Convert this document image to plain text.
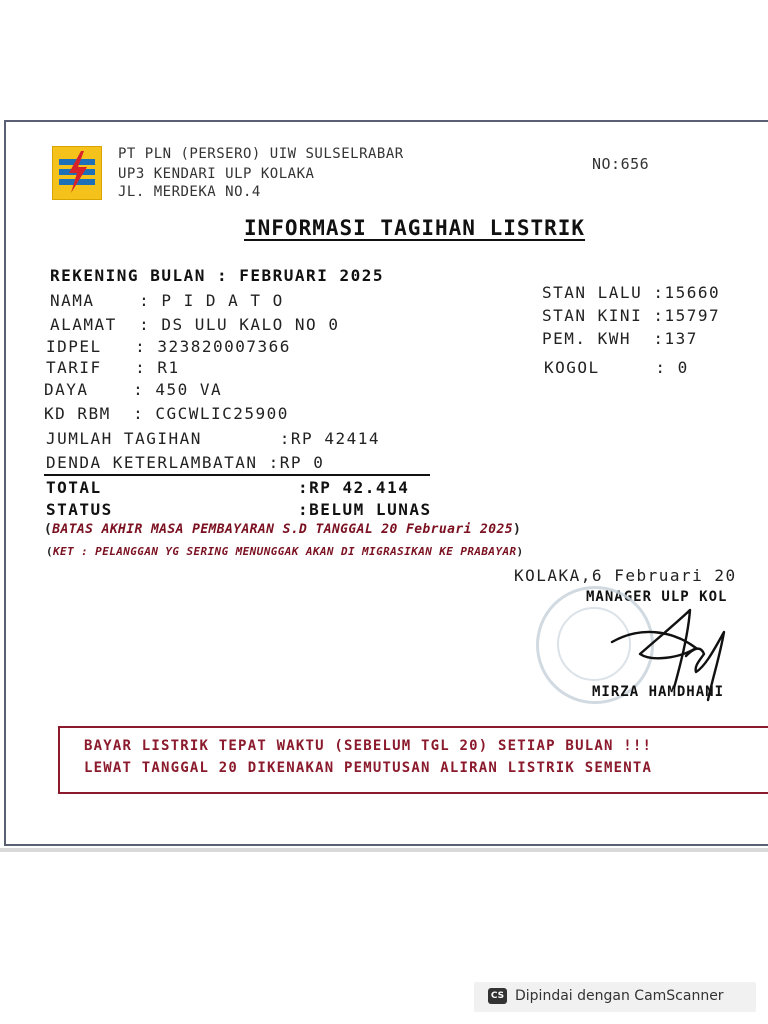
PT PLN (PERSERO) UIW SULSELRABAR
UP3 KENDARI ULP KOLAKA
JL. MERDEKA NO.4
NO:656
INFORMASI TAGIHAN LISTRIK
REKENING BULAN : FEBRUARI 2025
NAMA    : P I D A T O
ALAMAT  : DS ULU KALO NO 0
IDPEL   : 323820007366
TARIF   : R1
DAYA    : 450 VA
KD RBM  : CGCWLIC25900
STAN LALU :15660
STAN KINI :15797
PEM. KWH  :137
KOGOL     : 0
JUMLAH TAGIHAN       :RP 42414
DENDA KETERLAMBATAN :RP 0
TOTAL	:RP 42.414
STATUS	:BELUM LUNAS
(BATAS AKHIR MASA PEMBAYARAN S.D TANGGAL 20 Februari 2025)
(KET : PELANGGAN YG SERING MENUNGGAK AKAN DI MIGRASIKAN KE PRABAYAR)
KOLAKA,6 Februari 20
MANAGER ULP KOL
MIRZA HAMDHANI
BAYAR LISTRIK TEPAT WAKTU (SEBELUM TGL 20) SETIAP BULAN !!!
LEWAT TANGGAL 20 DIKENAKAN PEMUTUSAN ALIRAN LISTRIK SEMENTA
CS Dipindai dengan CamScanner
